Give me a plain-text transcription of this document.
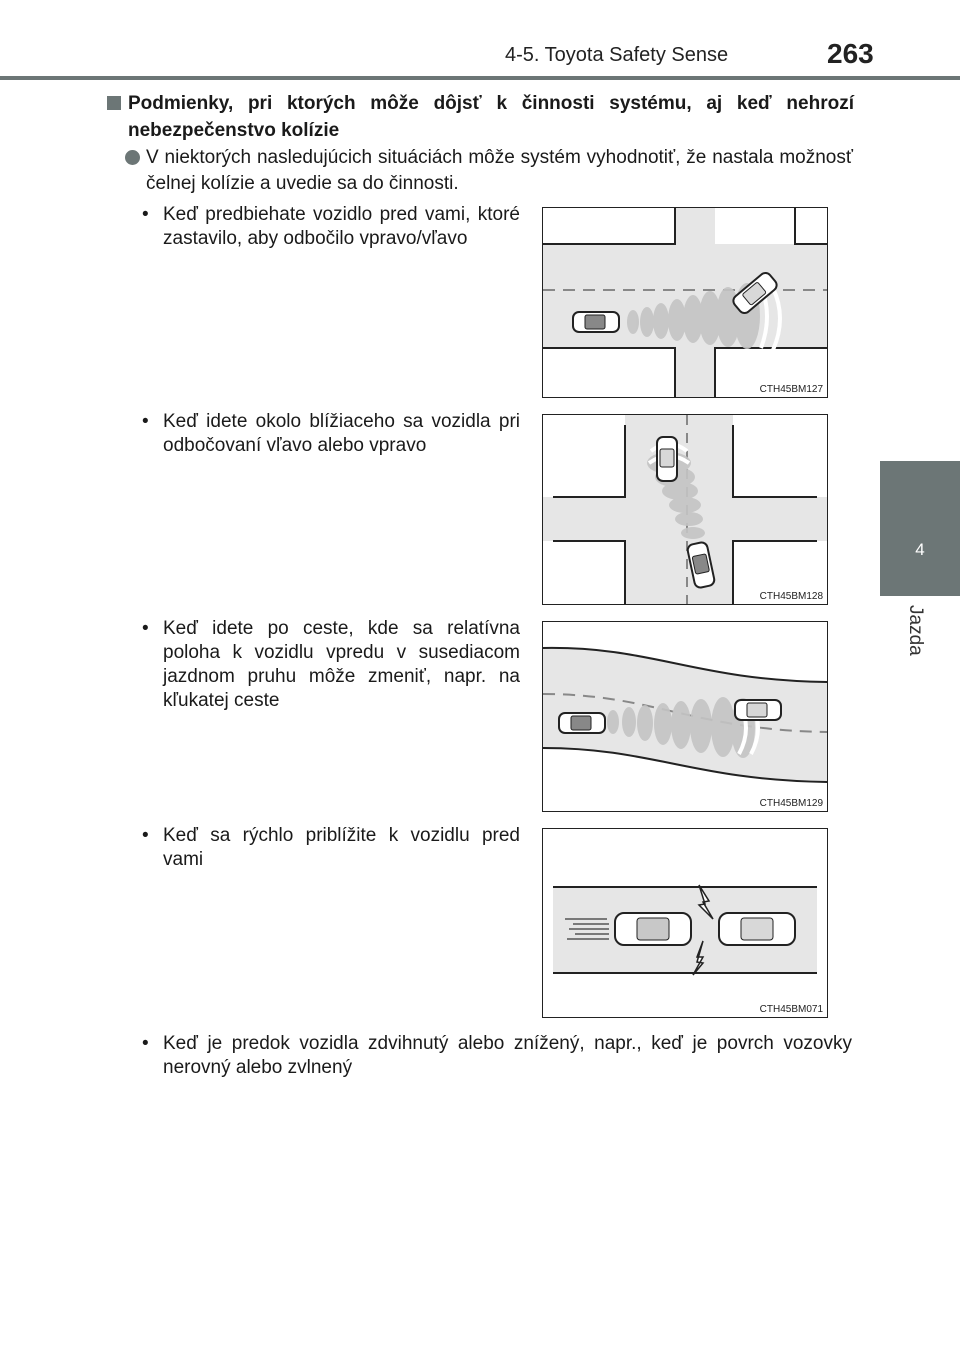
4-5. Toyota Safety Sense	263
4
Jazda
Podmienky, pri ktorých môže dôjsť k činnosti systému, aj keď nehrozí nebezpečenstvo kolízie
V niektorých nasledujúcich situáciách môže systém vyhodnotiť, že nastala možnosť čelnej kolízie a uvedie sa do činnosti.
• Keď predbiehate vozidlo pred vami, ktoré zastavilo, aby odbočilo vpravo/vľavo
• Keď idete okolo blížiaceho sa vozidla pri odbočovaní vľavo alebo vpravo
• Keď idete po ceste, kde sa relatívna poloha k vozidlu vpredu v susediacom jazdnom pruhu môže zmeniť, napr. na kľukatej ceste
• Keď sa rýchlo priblížite k vozidlu pred vami
• Keď je predok vozidla zdvihnutý alebo znížený, napr., keď je povrch vozovky nerovný alebo zvlnený
CTH45BM127
CTH45BM128
CTH45BM129
CTH45BM071
